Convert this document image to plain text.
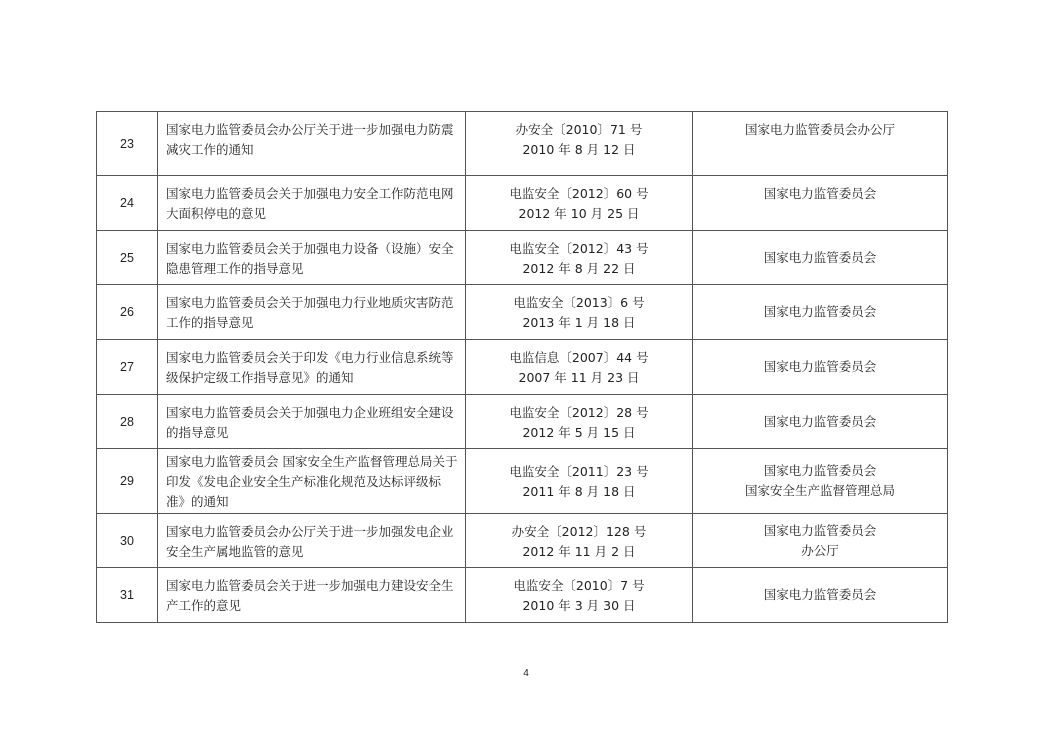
23	国家电力监管委员会办公厅关于进一步加强电力防震减灾工作的通知	办安全〔2010〕71 号
2010 年 8 月 12 日	国家电力监管委员会办公厅

24	国家电力监管委员会关于加强电力安全工作防范电网大面积停电的意见	电监安全〔2012〕60 号
2012 年 10 月 25 日	国家电力监管委员会

25	国家电力监管委员会关于加强电力设备（设施）安全隐患管理工作的指导意见	电监安全〔2012〕43 号
2012 年 8 月 22 日	国家电力监管委员会

26	国家电力监管委员会关于加强电力行业地质灾害防范工作的指导意见	电监安全〔2013〕6 号
2013 年 1 月 18 日	国家电力监管委员会

27	国家电力监管委员会关于印发《电力行业信息系统等级保护定级工作指导意见》的通知	电监信息〔2007〕44 号
2007 年 11 月 23 日	国家电力监管委员会

28	国家电力监管委员会关于加强电力企业班组安全建设的指导意见	电监安全〔2012〕28 号
2012 年 5 月 15 日	国家电力监管委员会

29	国家电力监管委员会 国家安全生产监督管理总局关于印发《发电企业安全生产标准化规范及达标评级标准》的通知	电监安全〔2011〕23 号
2011 年 8 月 18 日	国家电力监管委员会
国家安全生产监督管理总局

30	国家电力监管委员会办公厅关于进一步加强发电企业安全生产属地监管的意见	办安全〔2012〕128 号
2012 年 11 月 2 日	国家电力监管委员会
办公厅

31	国家电力监管委员会关于进一步加强电力建设安全生产工作的意见	电监安全〔2010〕7 号
2010 年 3 月 30 日	国家电力监管委员会
4
